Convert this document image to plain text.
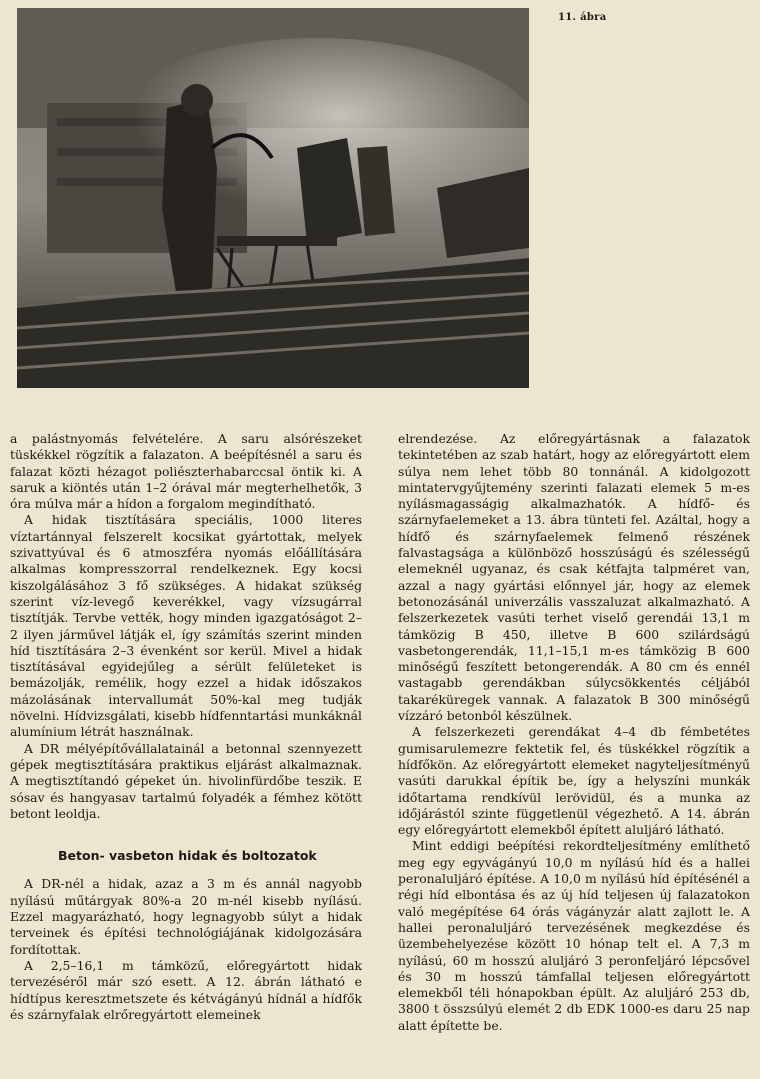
11. ábra

a palástnyomás felvételére. A saru alsórészeket tüskékkel rögzítik a falazaton. A beépítésnél a saru és falazat közti hézagot poliészterhabarccsal öntik ki. A saruk a kiöntés után 1–2 órával már megterhelhetők, 3 óra múlva már a hídon a forgalom megindítható.

A hidak tisztítására speciális, 1000 literes víztartánnyal felszerelt kocsikat gyártottak, melyek szivattyúval és 6 atmoszféra nyomás előállítására alkalmas kompresszorral rendelkeznek. Egy kocsi kiszolgálásához 3 fő szükséges. A hidakat szükség szerint víz-levegő keverékkel, vagy vízsugárral tisztítják. Tervbe vették, hogy minden igazgatóságot 2–2 ilyen járművel látják el, így számítás szerint minden híd tisztítására 2–3 évenként sor kerül. Mivel a hidak tisztításával egyidejűleg a sérült felületeket is bemázolják, remélik, hogy ezzel a hidak időszakos mázolásának intervallumát 50%-kal meg tudják növelni. Hídvizsgálati, kisebb hídfenntartási munkáknál alumínium létrát használnak.

A DR mélyépítővállalatainál a betonnal szennyezett gépek megtisztítására praktikus eljárást alkalmaznak. A megtisztítandó gépeket ún. hivolinfürdőbe teszik. E sósav és hangyasav tartalmú folyadék a fémhez kötött betont leoldja.

Beton- vasbeton hidak és boltozatok

A DR-nél a hidak, azaz a 3 m és annál nagyobb nyílású műtárgyak 80%-a 20 m-nél kisebb nyílású. Ezzel magyarázható, hogy legnagyobb súlyt a hidak terveinek és építési technológiájának kidolgozására fordítottak.

A 2,5–16,1 m támközű, előregyártott hidak tervezéséről már szó esett. A 12. ábrán látható e hídtípus keresztmetszete és kétvágányú hídnál a hídfők és szárnyfalak elrőregyártott elemeinek

elrendezése. Az előregyártásnak a falazatok tekintetében az szab határt, hogy az előregyártott elem súlya nem lehet több 80 tonnánál. A kidolgozott mintatervgyűjtemény szerinti falazati elemek 5 m-es nyílásmagasságig alkalmazhatók. A hídfő- és szárnyfaelemeket a 13. ábra tünteti fel. Azáltal, hogy a hídfő és szárnyfaelemek felmenő részének falvastagsága a különböző hosszúságú és szélességű elemeknél ugyanaz, és csak kétfajta talpméret van, azzal a nagy gyártási előnnyel jár, hogy az elemek betonozásánál univerzális vasszaluzat alkalmazható. A felszerkezetek vasúti terhet viselő gerendái 13,1 m támközig B 450, illetve B 600 szilárdságú vasbetongerendák, 11,1–15,1 m-es támközig B 600 minőségű feszített betongerendák. A 80 cm és ennél vastagabb gerendákban súlycsökkentés céljából takaréküregek vannak. A falazatok B 300 minőségű vízzáró betonból készülnek.

A felszerkezeti gerendákat 4–4 db fémbetétes gumisarulemezre fektetik fel, és tüskékkel rögzítik a hídfőkön. Az előregyártott elemeket nagyteljesítményű vasúti darukkal építik be, így a helyszíni munkák időtartama rendkívül lerövidül, és a munka az időjárástól szinte függetlenül végezhető. A 14. ábrán egy előregyártott elemekből épített aluljáró látható.

Mint eddigi beépítési rekordteljesítmény említhető meg egy egyvágányú 10,0 m nyílású híd és a hallei peronaluljáró építése. A 10,0 m nyílású híd építésénél a régi híd elbontása és az új híd teljesen új falazatokon való megépítése 64 órás vágányzár alatt zajlott le. A hallei peronaluljáró tervezésének megkezdése és üzembehelyezése között 10 hónap telt el. A 7,3 m nyílású, 60 m hosszú aluljáró 3 peronfeljáró lépcsővel és 30 m hosszú támfallal teljesen előregyártott elemekből téli hónapokban épült. Az aluljáró 253 db, 3800 t összsúlyú elemét 2 db EDK 1000-es daru 25 nap alatt építette be.
